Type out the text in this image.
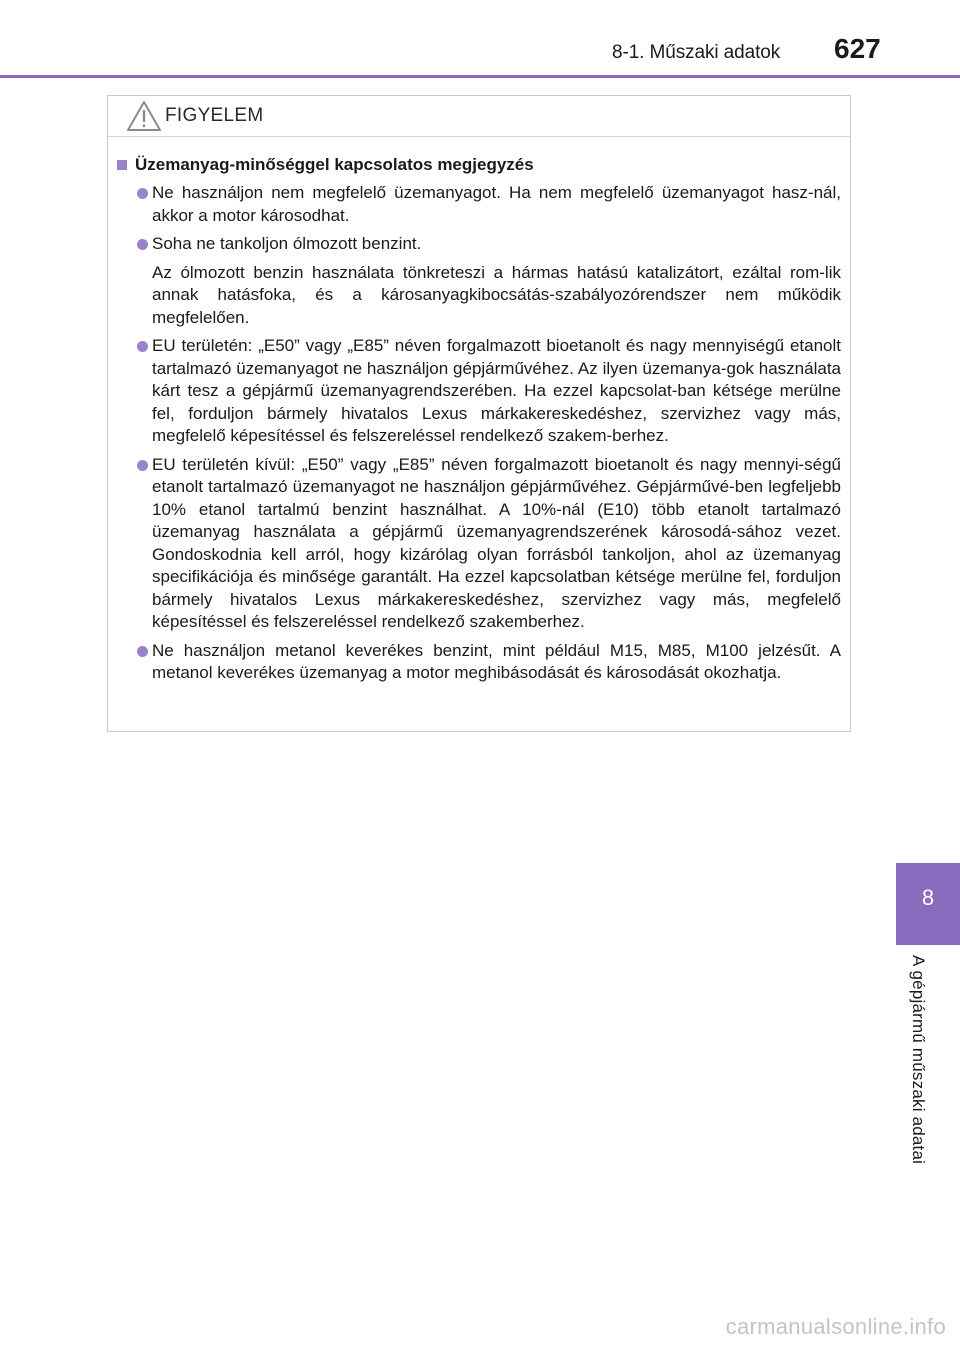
8-1. Műszaki adatok 627
FIGYELEM
Üzemanyag-minőséggel kapcsolatos megjegyzés

Ne használjon nem megfelelő üzemanyagot. Ha nem megfelelő üzemanyagot hasz-nál, akkor a motor károsodhat.

Soha ne tankoljon ólmozott benzint.

Az ólmozott benzin használata tönkreteszi a hármas hatású katalizátort, ezáltal rom-lik annak hatásfoka, és a károsanyagkibocsátás-szabályozórendszer nem működik megfelelően.

EU területén: „E50” vagy „E85” néven forgalmazott bioetanolt és nagy mennyiségű etanolt tartalmazó üzemanyagot ne használjon gépjárművéhez. Az ilyen üzemanya-gok használata kárt tesz a gépjármű üzemanyagrendszerében. Ha ezzel kapcsolat-ban kétsége merülne fel, forduljon bármely hivatalos Lexus márkakereskedéshez, szervizhez vagy más, megfelelő képesítéssel és felszereléssel rendelkező szakem-berhez.

EU területén kívül: „E50” vagy „E85” néven forgalmazott bioetanolt és nagy mennyi-ségű etanolt tartalmazó üzemanyagot ne használjon gépjárművéhez. Gépjárművé-ben legfeljebb 10% etanol tartalmú benzint használhat. A 10%-nál (E10) több etanolt tartalmazó üzemanyag használata a gépjármű üzemanyagrendszerének károsodá-sához vezet. Gondoskodnia kell arról, hogy kizárólag olyan forrásból tankoljon, ahol az üzemanyag specifikációja és minősége garantált. Ha ezzel kapcsolatban kétsége merülne fel, forduljon bármely hivatalos Lexus márkakereskedéshez, szervizhez vagy más, megfelelő képesítéssel és felszereléssel rendelkező szakemberhez.

Ne használjon metanol keverékes benzint, mint például M15, M85, M100 jelzésűt. A metanol keverékes üzemanyag a motor meghibásodását és károsodását okozhatja.

8
A gépjármű műszaki adatai
carmanualsonline.info
